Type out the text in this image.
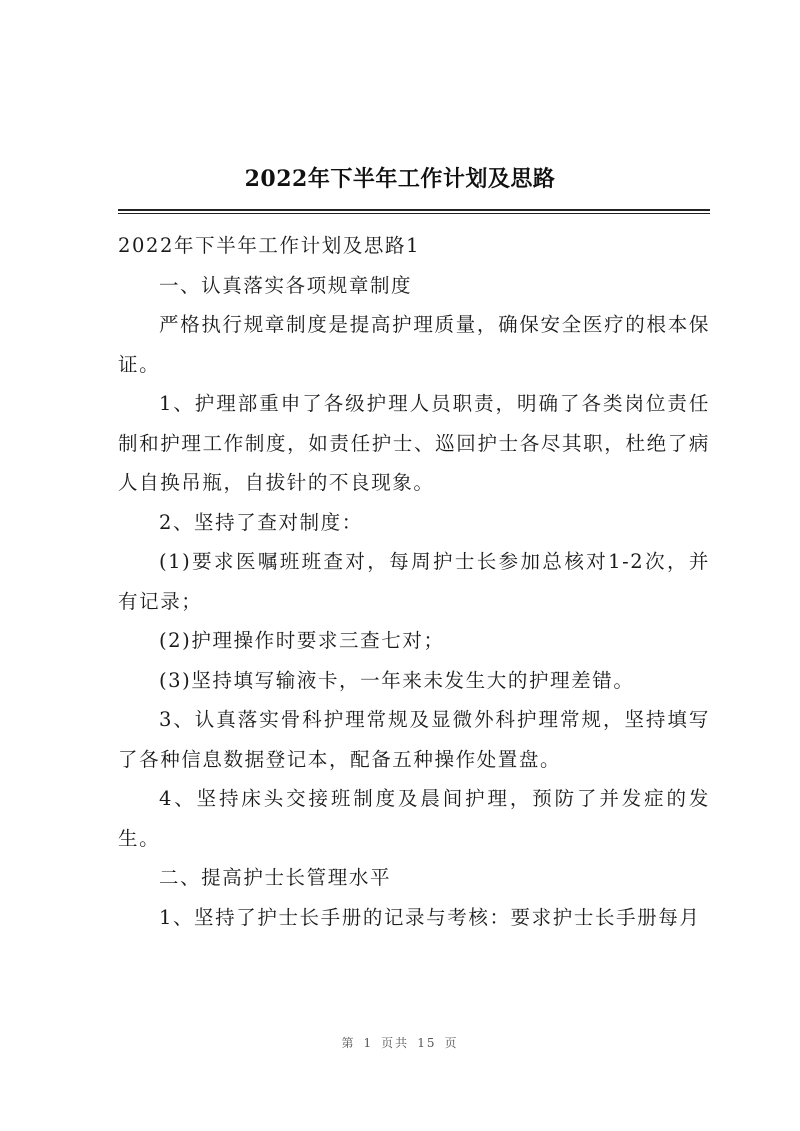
2022年下半年工作计划及思路

2022年下半年工作计划及思路1

一、认真落实各项规章制度

严格执行规章制度是提高护理质量，确保安全医疗的根本保证。

1、护理部重申了各级护理人员职责，明确了各类岗位责任制和护理工作制度，如责任护士、巡回护士各尽其职，杜绝了病人自换吊瓶，自拔针的不良现象。

2、坚持了查对制度：

(1)要求医嘱班班查对，每周护士长参加总核对1-2次，并有记录；

(2)护理操作时要求三查七对；

(3)坚持填写输液卡，一年来未发生大的护理差错。

3、认真落实骨科护理常规及显微外科护理常规，坚持填写了各种信息数据登记本，配备五种操作处置盘。

4、坚持床头交接班制度及晨间护理，预防了并发症的发生。

二、提高护士长管理水平

1、坚持了护士长手册的记录与考核：要求护士长手册每月

第 1 页共 15 页
